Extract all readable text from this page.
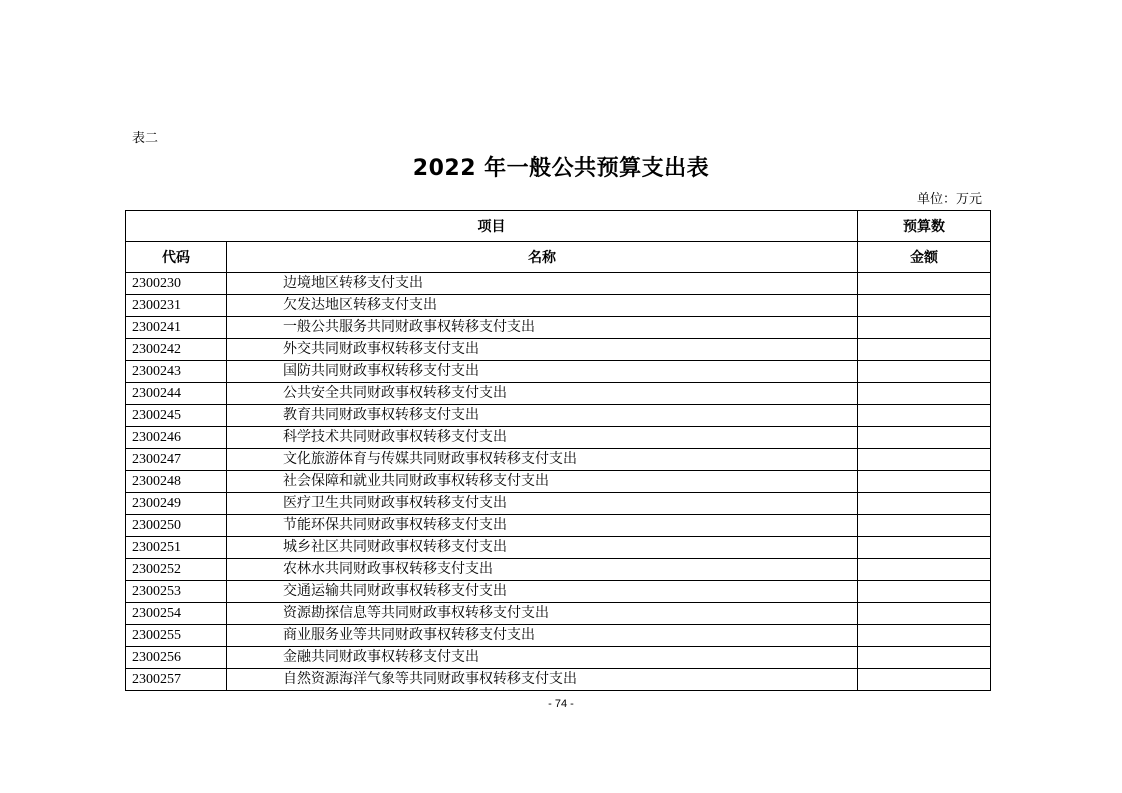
表二
2022 年一般公共预算支出表
单位：万元
项目		预算数
代码	名称	金额
2300230	边境地区转移支付支出	
2300231	欠发达地区转移支付支出	
2300241	一般公共服务共同财政事权转移支付支出	
2300242	外交共同财政事权转移支付支出	
2300243	国防共同财政事权转移支付支出	
2300244	公共安全共同财政事权转移支付支出	
2300245	教育共同财政事权转移支付支出	
2300246	科学技术共同财政事权转移支付支出	
2300247	文化旅游体育与传媒共同财政事权转移支付支出	
2300248	社会保障和就业共同财政事权转移支付支出	
2300249	医疗卫生共同财政事权转移支付支出	
2300250	节能环保共同财政事权转移支付支出	
2300251	城乡社区共同财政事权转移支付支出	
2300252	农林水共同财政事权转移支付支出	
2300253	交通运输共同财政事权转移支付支出	
2300254	资源勘探信息等共同财政事权转移支付支出	
2300255	商业服务业等共同财政事权转移支付支出	
2300256	金融共同财政事权转移支付支出	
2300257	自然资源海洋气象等共同财政事权转移支付支出	
- 74 -
